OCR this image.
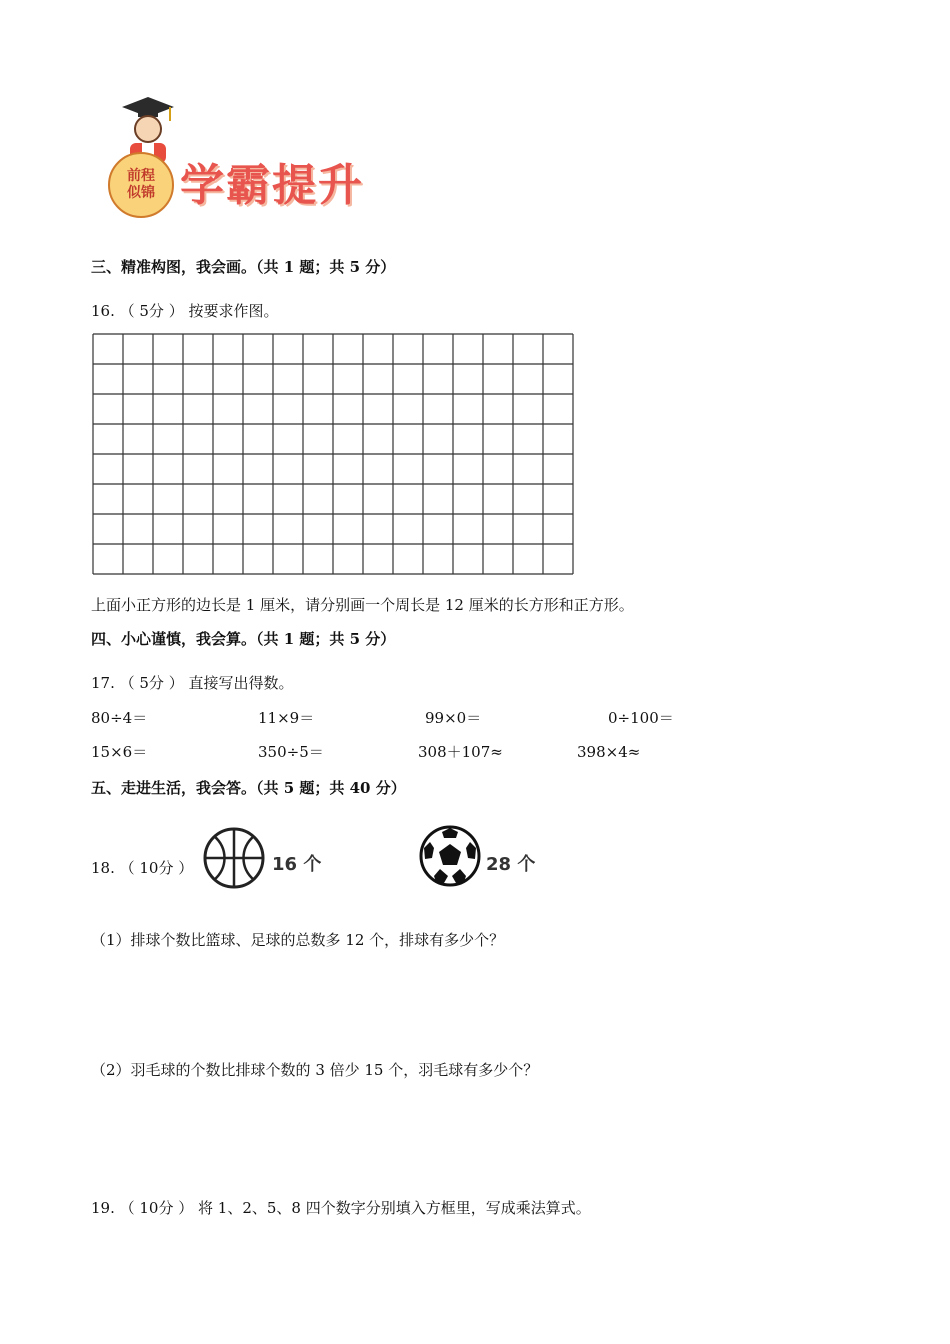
前程
似锦 学霸提升
三、精准构图，我会画。（共 1 题；共 5 分）
16. （ 5分 ） 按要求作图。
上面小正方形的边长是 1 厘米，请分别画一个周长是 12 厘米的长方形和正方形。
四、小心谨慎，我会算。（共 1 题；共 5 分）
17. （ 5分 ） 直接写出得数。
80÷4＝	11×9＝	99×0＝	0÷100＝
15×6＝	350÷5＝	308＋107≈	398×4≈
五、走进生活，我会答。（共 5 题；共 40 分）
18. （ 10分 ）	16 个	28 个
（1）排球个数比篮球、足球的总数多 12 个，排球有多少个？
（2）羽毛球的个数比排球个数的 3 倍少 15 个，羽毛球有多少个？
19. （ 10分 ） 将 1、2、5、8 四个数字分别填入方框里，写成乘法算式。
